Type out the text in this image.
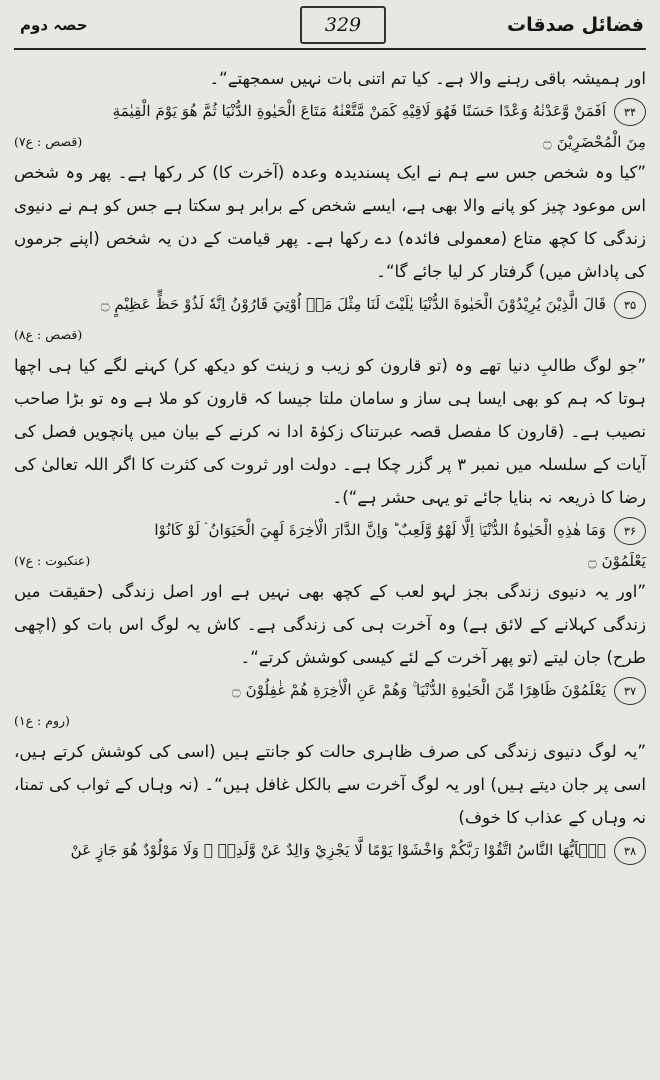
فضائل صدقات
329
حصہ دوم

اور ہمیشہ باقی رہنے والا ہے۔ کیا تم اتنی بات نہیں سمجھتے“۔

۳۴
اَفَمَنْ وَّعَدْنٰهُ وَعْدًا حَسَنًا فَهُوَ لَاقِيْهِ كَمَنْ مَّتَّعْنٰهُ مَتَاعَ الْحَيٰوةِ الدُّنْيَا ثُمَّ هُوَ يَوْمَ الْقِيٰمَةِ
مِنَ الْمُحْضَرِيْنَ ۝
(قصص : ع۷)

”کیا وہ شخص جس سے ہم نے ایک پسندیدہ وعدہ (آخرت کا) کر رکھا ہے۔ پھر وہ شخص اس موعود چیز کو پانے والا بھی ہے، ایسے شخص کے برابر ہو سکتا ہے جس کو ہم نے دنیوی زندگی کا کچھ متاع (معمولی فائدہ) دے رکھا ہے۔ پھر قیامت کے دن یہ شخص (اپنے جرموں کی پاداش میں) گرفتار کر لیا جائے گا“۔

۳۵
قَالَ الَّذِيْنَ يُرِيْدُوْنَ الْحَيٰوةَ الدُّنْيَا يٰلَيْتَ لَنَا مِثْلَ مَاۤ اُوْتِيَ قَارُوْنُ اِنَّهٗ لَذُوْ حَظٍّ عَظِيْمٍ ۝
(قصص : ع۸)

”جو لوگ طالبِ دنیا تھے وہ (تو قارون کو زیب و زینت کو دیکھ کر) کہنے لگے کیا ہی اچھا ہوتا کہ ہم کو بھی ایسا ہی ساز و سامان ملتا جیسا کہ قارون کو ملا ہے وہ تو بڑا صاحب نصیب ہے۔ (قارون کا مفصل قصہ عبرتناک زکوٰۃ ادا نہ کرنے کے بیان میں پانچویں فصل کی آیات کے سلسلہ میں نمبر ۳ پر گزر چکا ہے۔ دولت اور ثروت کی کثرت کا اگر اللہ تعالیٰ کی رضا کا ذریعہ نہ بنایا جائے تو یہی حشر ہے“)۔

۳۶
وَمَا هٰذِهِ الْحَيٰوةُ الدُّنْيَاۤ اِلَّا لَهْوٌ وَّلَعِبٌ ؕ وَاِنَّ الدَّارَ الْاٰخِرَةَ لَهِيَ الْحَيَوَانُ ۘ لَوْ كَانُوْا
يَعْلَمُوْنَ ۝
(عنکبوت : ع۷)

”اور یہ دنیوی زندگی بجز لہو لعب کے کچھ بھی نہیں ہے اور اصل زندگی (حقیقت میں زندگی کہلانے کے لائق ہے) وہ آخرت ہی کی زندگی ہے۔ کاش یہ لوگ اس بات کو (اچھی طرح) جان لیتے (تو پھر آخرت کے لئے کیسی کوشش کرتے“۔

۳۷
يَعْلَمُوْنَ ظَاهِرًا مِّنَ الْحَيٰوةِ الدُّنْيَا ۚ وَهُمْ عَنِ الْاٰخِرَةِ هُمْ غٰفِلُوْنَ ۝
(روم : ع۱)

”یہ لوگ دنیوی زندگی کی صرف ظاہری حالت کو جانتے ہیں (اسی کی کوشش کرتے ہیں، اسی پر جان دیتے ہیں) اور یہ لوگ آخرت سے بالکل غافل ہیں“۔ (نہ وہاں کے ثواب کی تمنا، نہ وہاں کے عذاب کا خوف)

۳۸
يٰۤاَيُّهَا النَّاسُ اتَّقُوْا رَبَّكُمْ وَاخْشَوْا يَوْمًا لَّا يَجْزِيْ وَالِدٌ عَنْ وَّلَدِهٖ ۫ وَلَا مَوْلُوْدٌ هُوَ جَازٍ عَنْ
